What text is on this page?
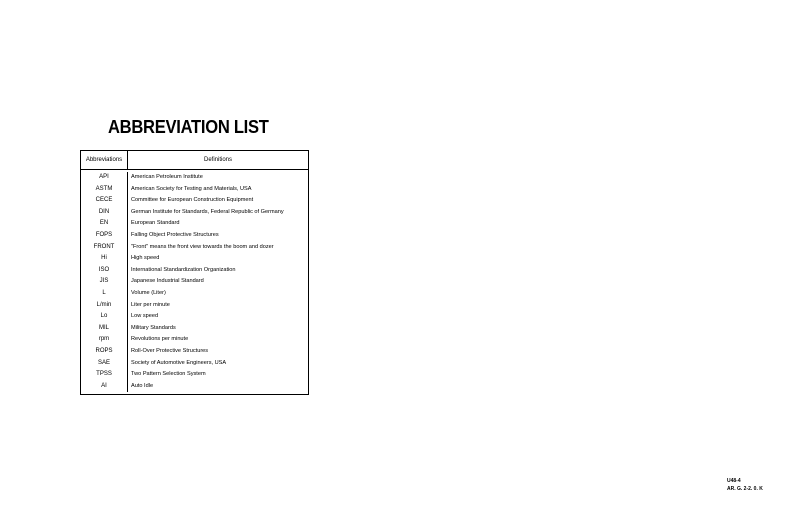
ABBREVIATION LIST
Abbreviations	Definitions
API	American Petroleum Institute
ASTM	American Society for Testing and Materials, USA
CECE	Committee for European Construction Equipment
DIN	German Institute for Standards, Federal Republic of Germany
EN	European Standard
FOPS	Falling Object Protective Structures
FRONT	"Front" means the front view towards the boom and dozer
Hi	High speed
ISO	International Standardization Organization
JIS	Japanese Industrial Standard
L	Volume (Liter)
L/min	Liter per minute
Lo	Low speed
MIL	Military Standards
rpm	Revolutions per minute
ROPS	Roll-Over Protective Structures
SAE	Society of Automotive Engineers, USA
TPSS	Two Pattern Selection System
AI	Auto Idle
U48-4
AR. G. 2-2. 0. K
